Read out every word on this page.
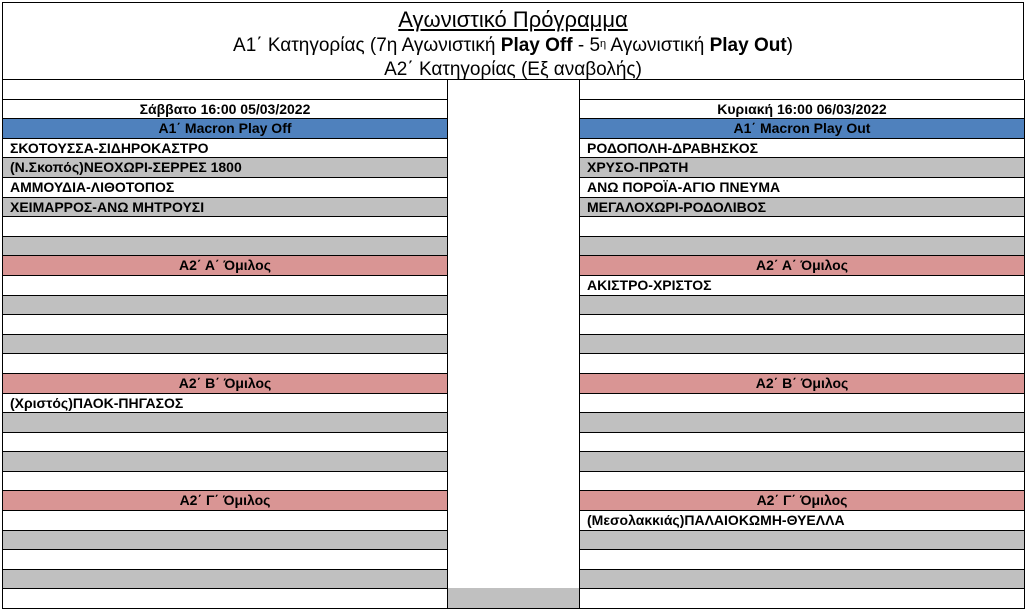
Αγωνιστικό Πρόγραμμα
Α1΄ Κατηγορίας (7η Αγωνιστική Play Off - $5^\eta$ Αγωνιστική Play Out)
Α2΄ Κατηγορίας (Εξ αναβολής)
Σάββατο 16:00 05/03/2022
Α1΄ Macron Play Off
ΣΚΟΤΟΥΣΣΑ-ΣΙΔΗΡΟΚΑΣΤΡΟ
(Ν.Σκοπός)ΝΕΟΧΩΡΙ-ΣΕΡΡΕΣ 1800
ΑΜΜΟΥΔΙΑ-ΛΙΘΟΤΟΠΟΣ
ΧΕΙΜΑΡΡΟΣ-ΑΝΩ ΜΗΤΡΟΥΣΙ
Α2΄ Α΄ Όμιλος
Α2΄ Β΄ Όμιλος
(Χριστός)ΠΑΟΚ-ΠΗΓΑΣΟΣ
Α2΄ Γ΄ Όμιλος
Κυριακή 16:00 06/03/2022
Α1΄ Macron Play Out
ΡΟΔΟΠΟΛΗ-ΔΡΑΒΗΣΚΟΣ
ΧΡΥΣΟ-ΠΡΩΤΗ
ΑΝΩ ΠΟΡΟΪΑ-ΑΓΙΟ ΠΝΕΥΜΑ
ΜΕΓΑΛΟΧΩΡΙ-ΡΟΔΟΛΙΒΟΣ
Α2΄ Α΄ Όμιλος
ΑΚΙΣΤΡΟ-ΧΡΙΣΤΟΣ
Α2΄ Β΄ Όμιλος
Α2΄ Γ΄ Όμιλος
(Μεσολακκιάς)ΠΑΛΑΙΟΚΩΜΗ-ΘΥΕΛΛΑ
